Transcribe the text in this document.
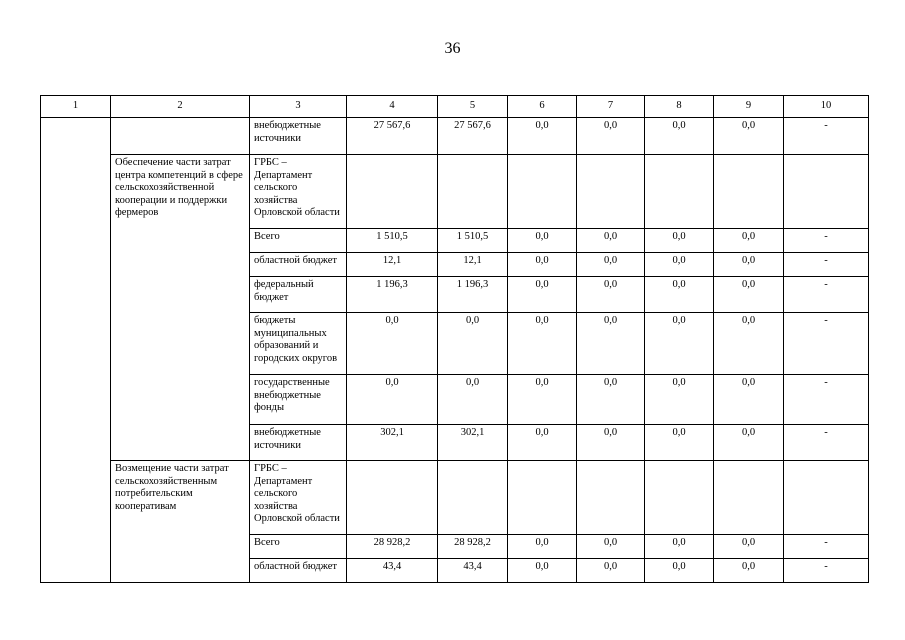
36
1	2	3	4	5	6	7	8	9	10
		внебюджетные источники	27 567,6	27 567,6	0,0	0,0	0,0	0,0	-
	Обеспечение части затрат центра компетенций в сфере сельскохозяйственной кооперации и поддержки фермеров	ГРБС – Департамент сельского хозяйства Орловской области							
		Всего	1 510,5	1 510,5	0,0	0,0	0,0	0,0	-
		областной бюджет	12,1	12,1	0,0	0,0	0,0	0,0	-
		федеральный бюджет	1 196,3	1 196,3	0,0	0,0	0,0	0,0	-
		бюджеты муниципальных образований и городских округов	0,0	0,0	0,0	0,0	0,0	0,0	-
		государственные внебюджетные фонды	0,0	0,0	0,0	0,0	0,0	0,0	-
		внебюджетные источники	302,1	302,1	0,0	0,0	0,0	0,0	-
	Возмещение части затрат сельскохозяйственным потребительским кооперативам	ГРБС – Департамент сельского хозяйства Орловской области							
		Всего	28 928,2	28 928,2	0,0	0,0	0,0	0,0	-
		областной бюджет	43,4	43,4	0,0	0,0	0,0	0,0	-
